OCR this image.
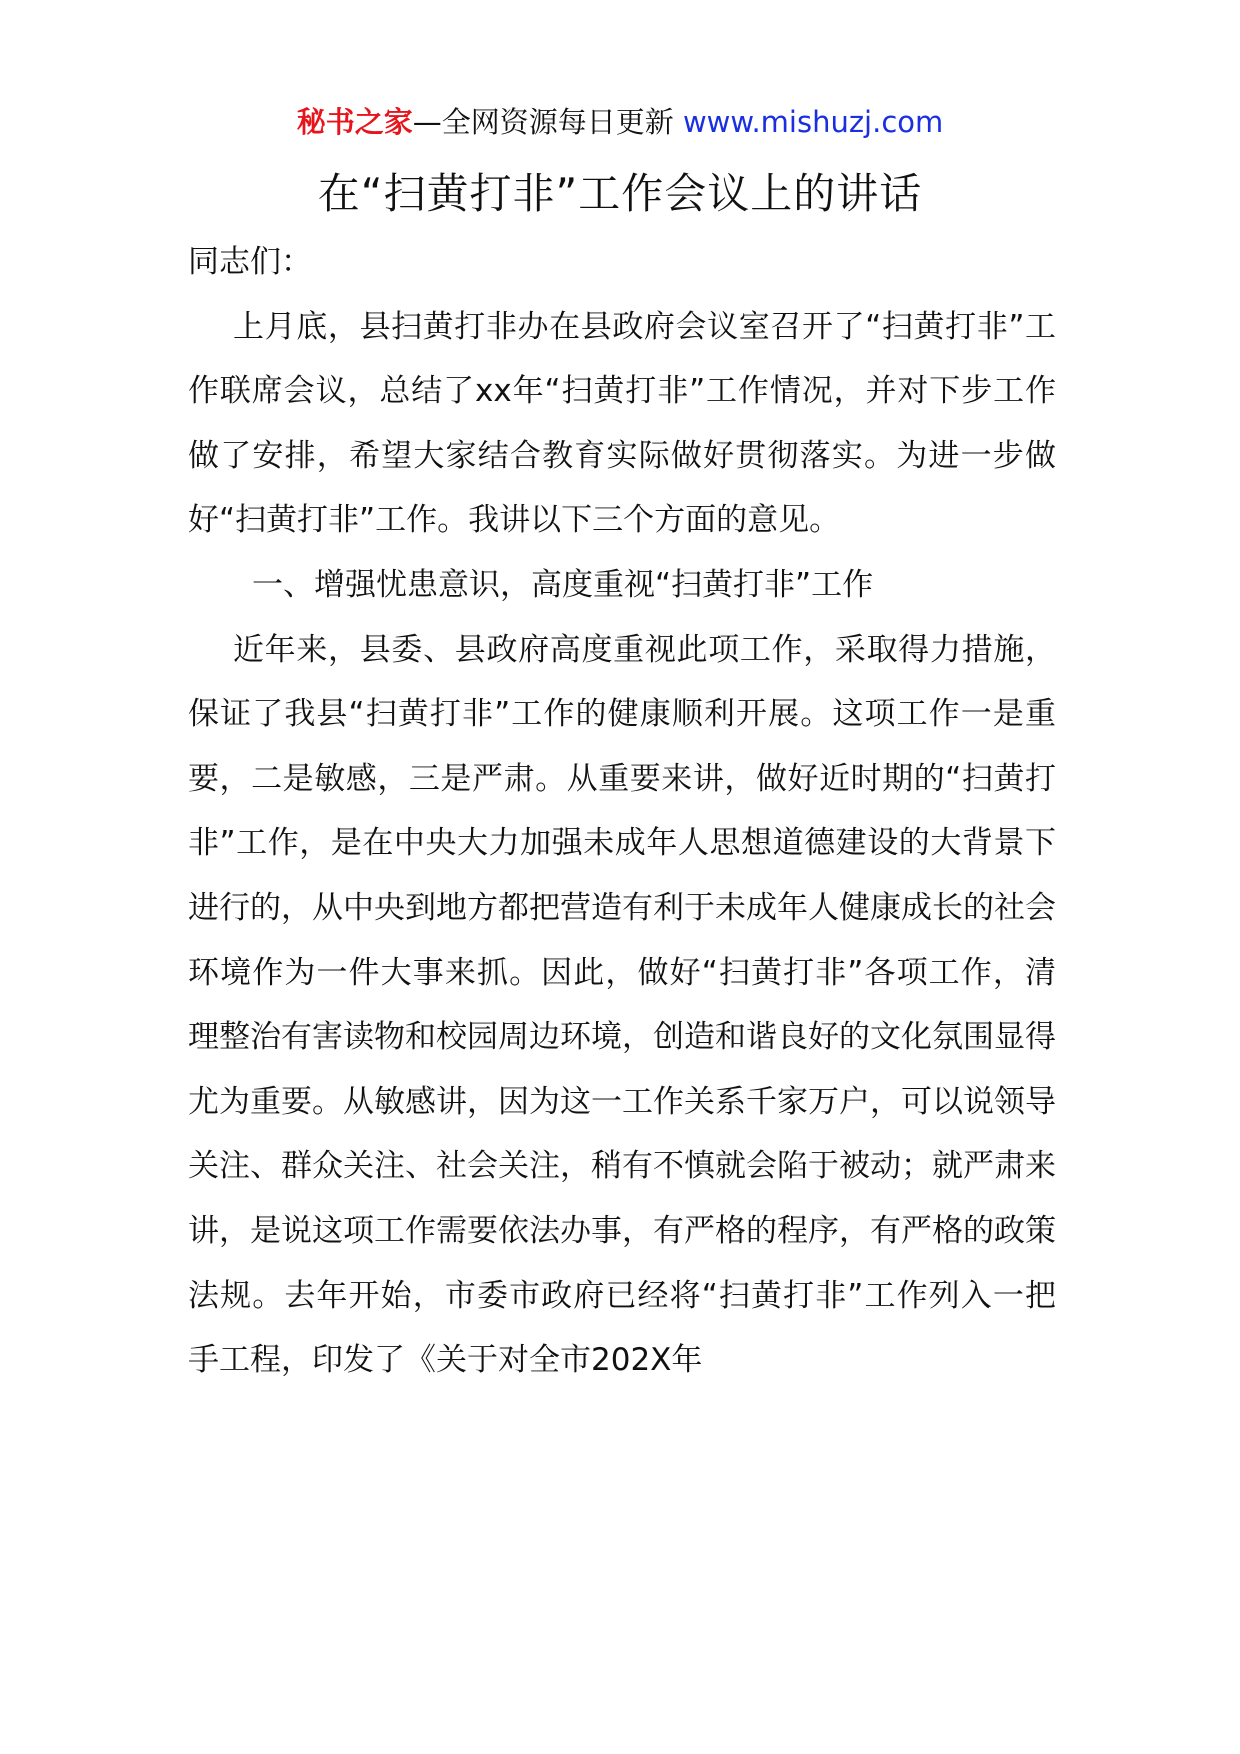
秘书之家—全网资源每日更新 www.mishuzj.com
在“扫黄打非”工作会议上的讲话

同志们：

上月底，县扫黄打非办在县政府会议室召开了“扫黄打非”工作联席会议，总结了xx年“扫黄打非”工作情况，并对下步工作做了安排，希望大家结合教育实际做好贯彻落实。为进一步做好“扫黄打非”工作。我讲以下三个方面的意见。

一、增强忧患意识，高度重视“扫黄打非”工作

近年来，县委、县政府高度重视此项工作，采取得力措施，保证了我县“扫黄打非”工作的健康顺利开展。这项工作一是重要，二是敏感，三是严肃。从重要来讲，做好近时期的“扫黄打非”工作，是在中央大力加强未成年人思想道德建设的大背景下进行的，从中央到地方都把营造有利于未成年人健康成长的社会环境作为一件大事来抓。因此，做好“扫黄打非”各项工作，清理整治有害读物和校园周边环境，创造和谐良好的文化氛围显得尤为重要。从敏感讲，因为这一工作关系千家万户，可以说领导关注、群众关注、社会关注，稍有不慎就会陷于被动；就严肃来讲，是说这项工作需要依法办事，有严格的程序，有严格的政策法规。去年开始，市委市政府已经将“扫黄打非”工作列入一把手工程，印发了《关于对全市202X年
